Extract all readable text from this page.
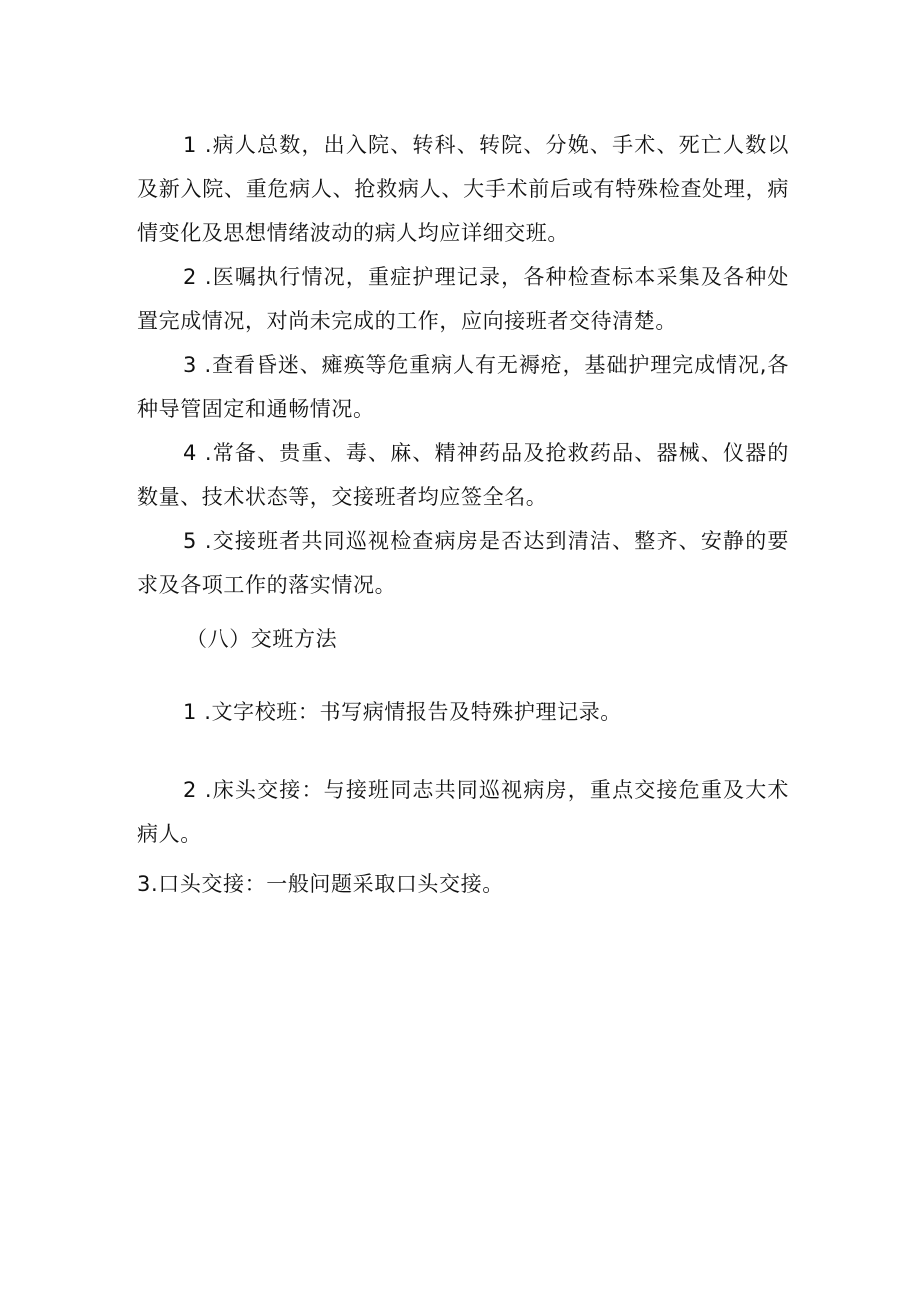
1 .病人总数，出入院、转科、转院、分娩、手术、死亡人数以及新入院、重危病人、抢救病人、大手术前后或有特殊检查处理，病情变化及思想情绪波动的病人均应详细交班。

2 .医嘱执行情况，重症护理记录，各种检查标本采集及各种处置完成情况，对尚未完成的工作，应向接班者交待清楚。

3 .查看昏迷、瘫痪等危重病人有无褥疮，基础护理完成情况,各种导管固定和通畅情况。

4 .常备、贵重、毒、麻、精神药品及抢救药品、器械、仪器的数量、技术状态等，交接班者均应签全名。

5 .交接班者共同巡视检查病房是否达到清洁、整齐、安静的要求及各项工作的落实情况。

（八）交班方法

1 .文字校班：书写病情报告及特殊护理记录。

2 .床头交接：与接班同志共同巡视病房，重点交接危重及大术病人。

3.口头交接：一般问题采取口头交接。
